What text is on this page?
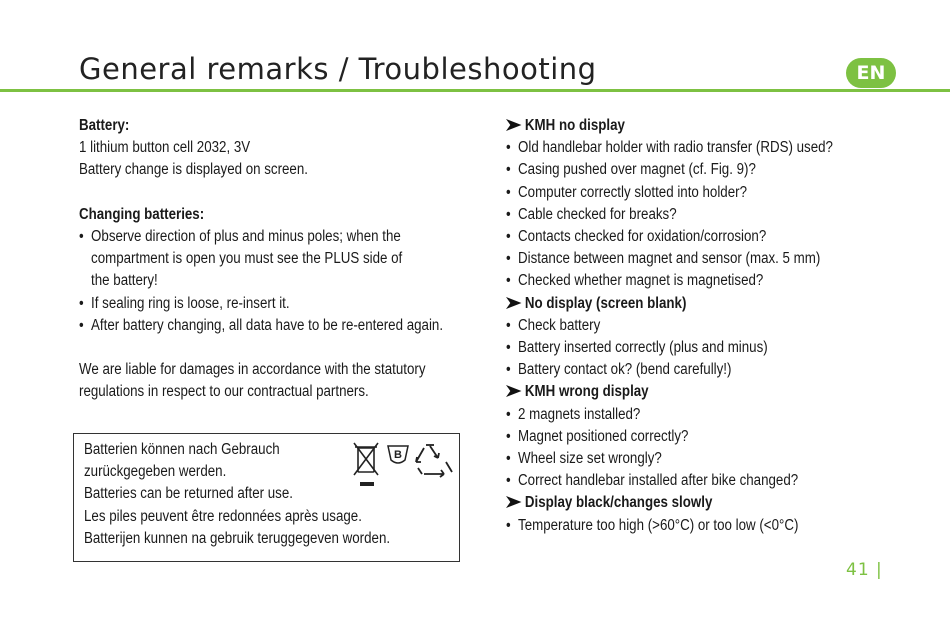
General remarks / Troubleshooting	EN
Battery:
1 lithium button cell 2032, 3V
Battery change is displayed on screen.
Changing batteries:
• Observe direction of plus and minus poles; when the
compartment is open you must see the PLUS side of
the battery!
• If sealing ring is loose, re-insert it.
• After battery changing, all data have to be re-entered again.
We are liable for damages in accordance with the statutory
regulations in respect to our contractual partners.
Batterien können nach Gebrauch
zurückgegeben werden.
Batteries can be returned after use.
Les piles peuvent être redonnées après usage.
Batterijen kunnen na gebruik teruggegeven worden.
B
KMH no display
• Old handlebar holder with radio transfer (RDS) used?
• Casing pushed over magnet (cf. Fig. 9)?
• Computer correctly slotted into holder?
• Cable checked for breaks?
• Contacts checked for oxidation/corrosion?
• Distance between magnet and sensor (max. 5 mm)
• Checked whether magnet is magnetised?
No display (screen blank)
• Check battery
• Battery inserted correctly (plus and minus)
• Battery contact ok? (bend carefully!)
KMH wrong display
• 2 magnets installed?
• Magnet positioned correctly?
• Wheel size set wrongly?
• Correct handlebar installed after bike changed?
Display black/changes slowly
• Temperature too high (>60°C) or too low (<0°C)
41 |
